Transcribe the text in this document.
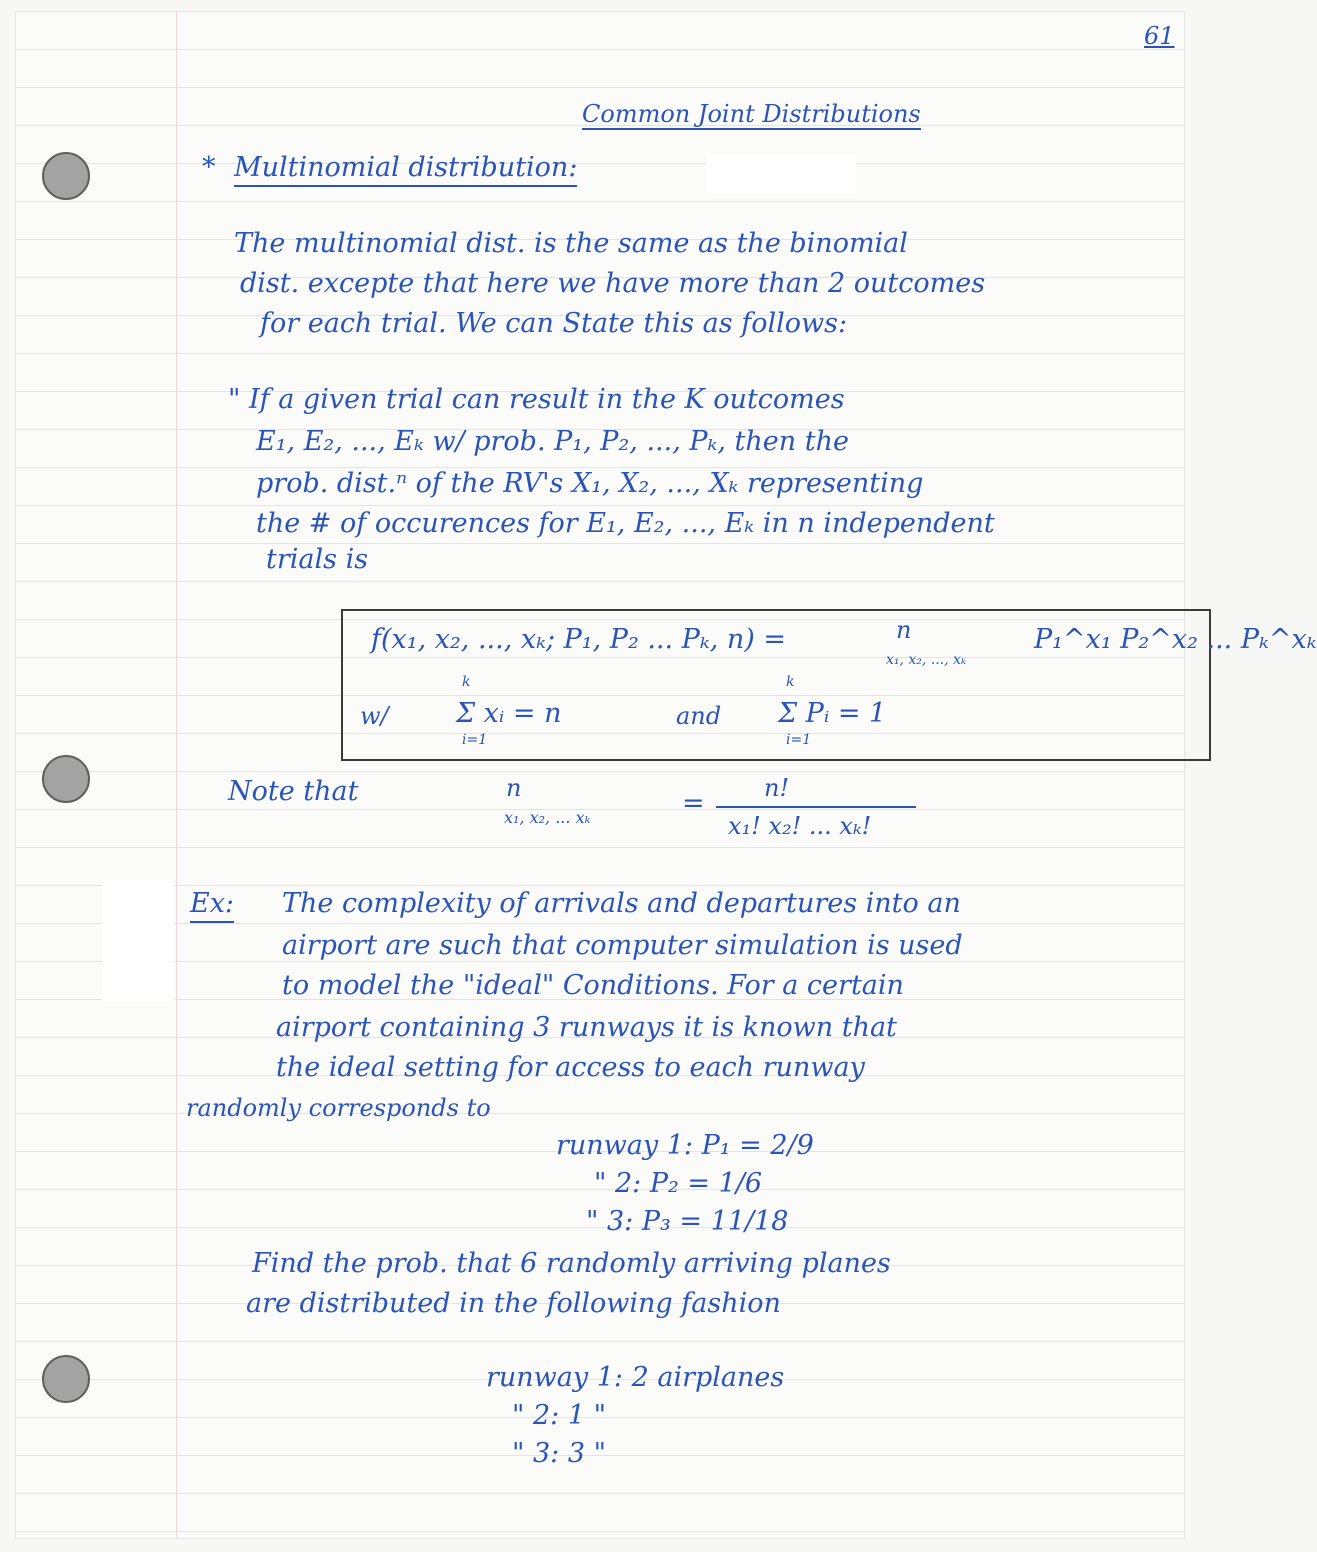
61
Common Joint Distributions
* Multinomial distribution:
The multinomial dist. is the same as the binomial
dist. excepte that here we have more than 2 outcomes
for each trial. We can State this as follows:
" If a given trial can result in the K outcomes
E₁, E₂, ..., Eₖ w/ prob. P₁, P₂, ..., Pₖ, then the
prob. dist.ⁿ of the RV's X₁, X₂, ..., Xₖ representing
the # of occurences for E₁, E₂, ..., Eₖ in n independent
trials is
f(x₁, x₂, ..., xₖ; P₁, P₂ ... Pₖ, n) =	n
x₁, x₂, ..., xₖ
P₁^x₁ P₂^x₂ ... Pₖ^xₖ
w/
k
Σ xᵢ = n
i=1
and
k
Σ Pᵢ = 1
i=1
Note that	n
x₁, x₂, ... xₖ	= n!
x₁! x₂! ... xₖ!
Ex: The complexity of arrivals and departures into an
airport are such that computer simulation is used
to model the "ideal" Conditions. For a certain
airport containing 3 runways it is known that
the ideal setting for access to each runway
randomly corresponds to
runway 1: P₁ = 2/9
" 2: P₂ = 1/6
" 3: P₃ = 11/18
Find the prob. that 6 randomly arriving planes
are distributed in the following fashion
runway 1: 2 airplanes
" 2: 1 "
" 3: 3 "
